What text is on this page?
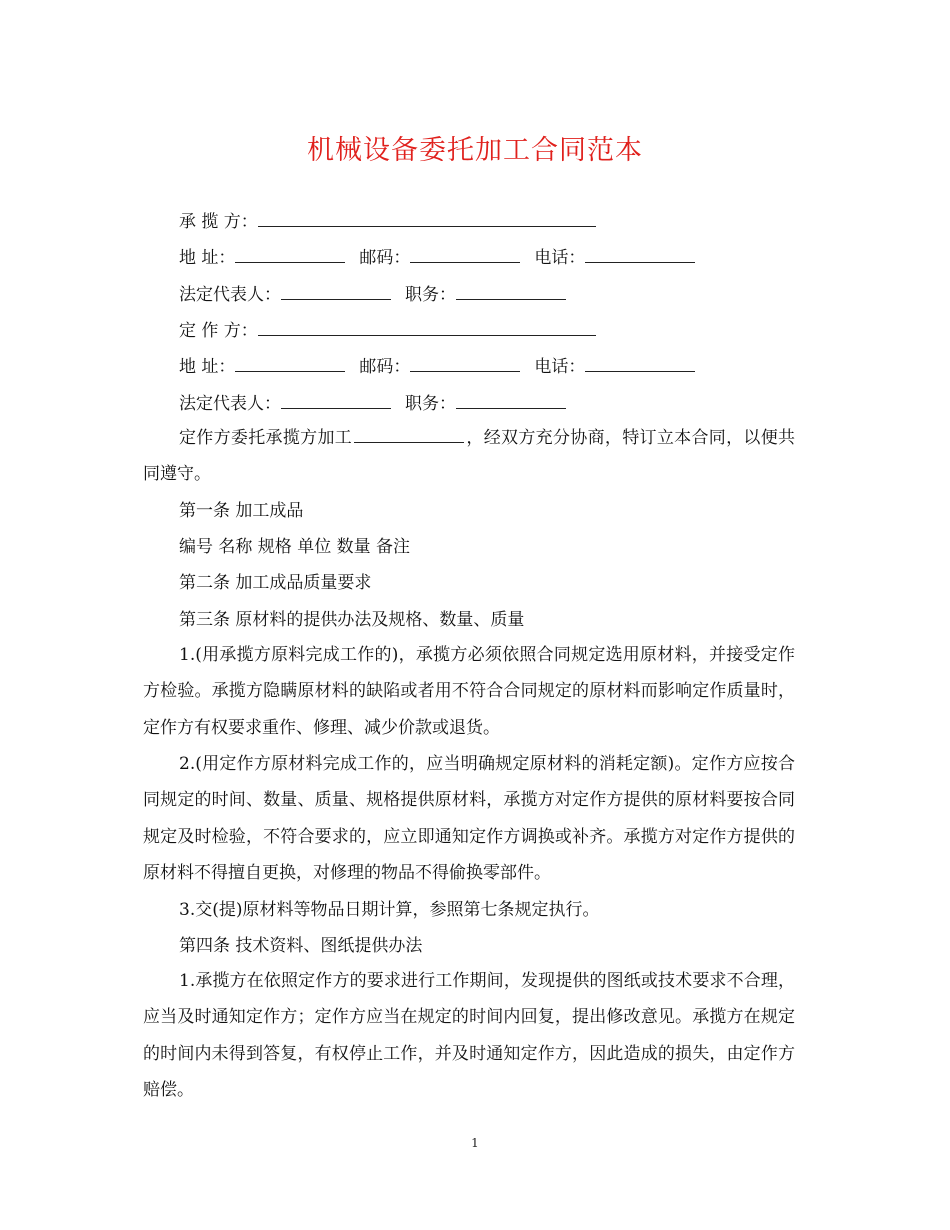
机械设备委托加工合同范本
承 揽 方：
地 址：	邮码：	电话：
法定代表人：	职务：
定 作 方：
地 址：	邮码：	电话：
法定代表人：	职务：

定作方委托承揽方加工	，经双方充分协商，特订立本合同，以便共同遵守。

第一条 加工成品
编号 名称 规格 单位 数量 备注
第二条 加工成品质量要求
第三条 原材料的提供办法及规格、数量、质量

1.(用承揽方原料完成工作的)，承揽方必须依照合同规定选用原材料，并接受定作方检验。承揽方隐瞒原材料的缺陷或者用不符合合同规定的原材料而影响定作质量时，定作方有权要求重作、修理、减少价款或退货。

2.(用定作方原材料完成工作的，应当明确规定原材料的消耗定额)。定作方应按合同规定的时间、数量、质量、规格提供原材料，承揽方对定作方提供的原材料要按合同规定及时检验，不符合要求的，应立即通知定作方调换或补齐。承揽方对定作方提供的原材料不得擅自更换，对修理的物品不得偷换零部件。

3.交(提)原材料等物品日期计算，参照第七条规定执行。
第四条 技术资料、图纸提供办法

1.承揽方在依照定作方的要求进行工作期间，发现提供的图纸或技术要求不合理，应当及时通知定作方；定作方应当在规定的时间内回复，提出修改意见。承揽方在规定的时间内未得到答复，有权停止工作，并及时通知定作方，因此造成的损失，由定作方赔偿。

1
